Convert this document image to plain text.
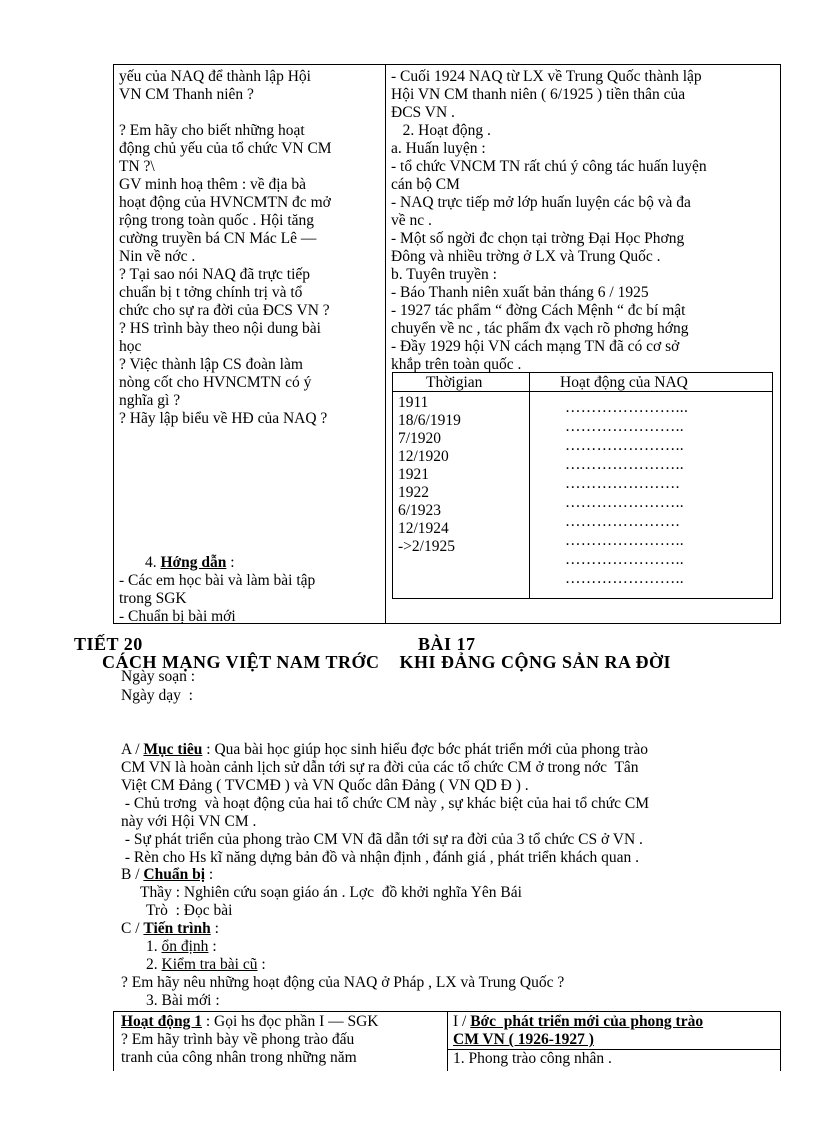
yếu của NAQ để thành lập Hội
VN CM Thanh niên ?
? Em hãy cho biết những hoạt
động chủ yếu của tổ chức VN CM
TN ?\
GV minh hoạ thêm : về địa bà
hoạt động của HVNCMTN đc mở
rộng trong toàn quốc . Hội tăng
cường truyền bá CN Mác Lê —
Nin về nớc .
? Tại sao nói NAQ đã trực tiếp
chuẩn bị t tởng chính trị và tổ
chức cho sự ra đời của ĐCS VN ?
? HS trình bày theo nội dung bài
học
? Việc thành lập CS đoàn làm
nòng cốt cho HVNCMTN có ý
nghĩa gì ?
? Hãy lập biểu về HĐ của NAQ ?
4. Hớng dẫn :
- Các em học bài và làm bài tập
trong SGK
- Chuẩn bị bài mới
- Cuối 1924 NAQ từ LX về Trung Quốc thành lập
Hội VN CM thanh niên ( 6/1925 ) tiền thân của
ĐCS VN .
2. Hoạt động .
a. Huấn luyện :
- tổ chức VNCM TN rất chú ý công tác huấn luyện
cán bộ CM
- NAQ trực tiếp mở lớp huấn luyện các bộ và đa
về nc .
- Một số ngời đc chọn tại trờng Đại Học Phơng
Đông và nhiều trờng ở LX và Trung Quốc .
b. Tuyên truyền :
- Báo Thanh niên xuất bản tháng 6 / 1925
- 1927 tác phẩm “ đờng Cách Mệnh “ đc bí mật
chuyển về nc , tác phẩm đx vạch rõ phơng hớng
- Đầy 1929 hội VN cách mạng TN đã có cơ sở
khắp trên toàn quốc .
Thờigian	Hoạt động của NAQ
1911
18/6/1919
7/1920
12/1920
1921
1922
6/1923
12/1924
->2/1925
…………………...
…………………..
…………………..
…………………..
………………….
…………………..
………………….
…………………..
…………………..
…………………..
TIẾT 20	BÀI 17
CÁCH MẠNG VIỆT NAM TRỚC    KHI ĐẢNG CỘNG SẢN RA ĐỜI
Ngày soạn :
Ngày dạy  :
A / Mục tiêu : Qua bài học giúp học sinh hiểu đợc bớc phát triển mới của phong trào
CM VN là hoàn cảnh lịch sử dẫn tới sự ra đời của các tổ chức CM ở trong nớc  Tân
Việt CM Đảng ( TVCMĐ ) và VN Quốc dân Đảng ( VN QD Đ ) .
- Chủ trơng  và hoạt động của hai tổ chức CM này , sự khác biệt của hai tổ chức CM
này với Hội VN CM .
- Sự phát triển của phong trào CM VN đã dẫn tới sự ra đời của 3 tổ chức CS ở VN .
- Rèn cho Hs kĩ năng dựng bản đồ và nhận định , đánh giá , phát triển khách quan .
B / Chuẩn bị :
Thầy : Nghiên cứu soạn giáo án . Lợc  đồ khởi nghĩa Yên Bái
Trò  : Đọc bài
C / Tiến trình :
1. ổn định :
2. Kiểm tra bài cũ :
? Em hãy nêu những hoạt động của NAQ ở Pháp , LX và Trung Quốc ?
3. Bài mới :
Hoạt động 1 : Gọi hs đọc phần I — SGK
? Em hãy trình bày về phong trào đấu
tranh của công nhân trong những năm
I / Bớc  phát triển mới của phong trào
CM VN ( 1926-1927 )
1. Phong trào công nhân .
